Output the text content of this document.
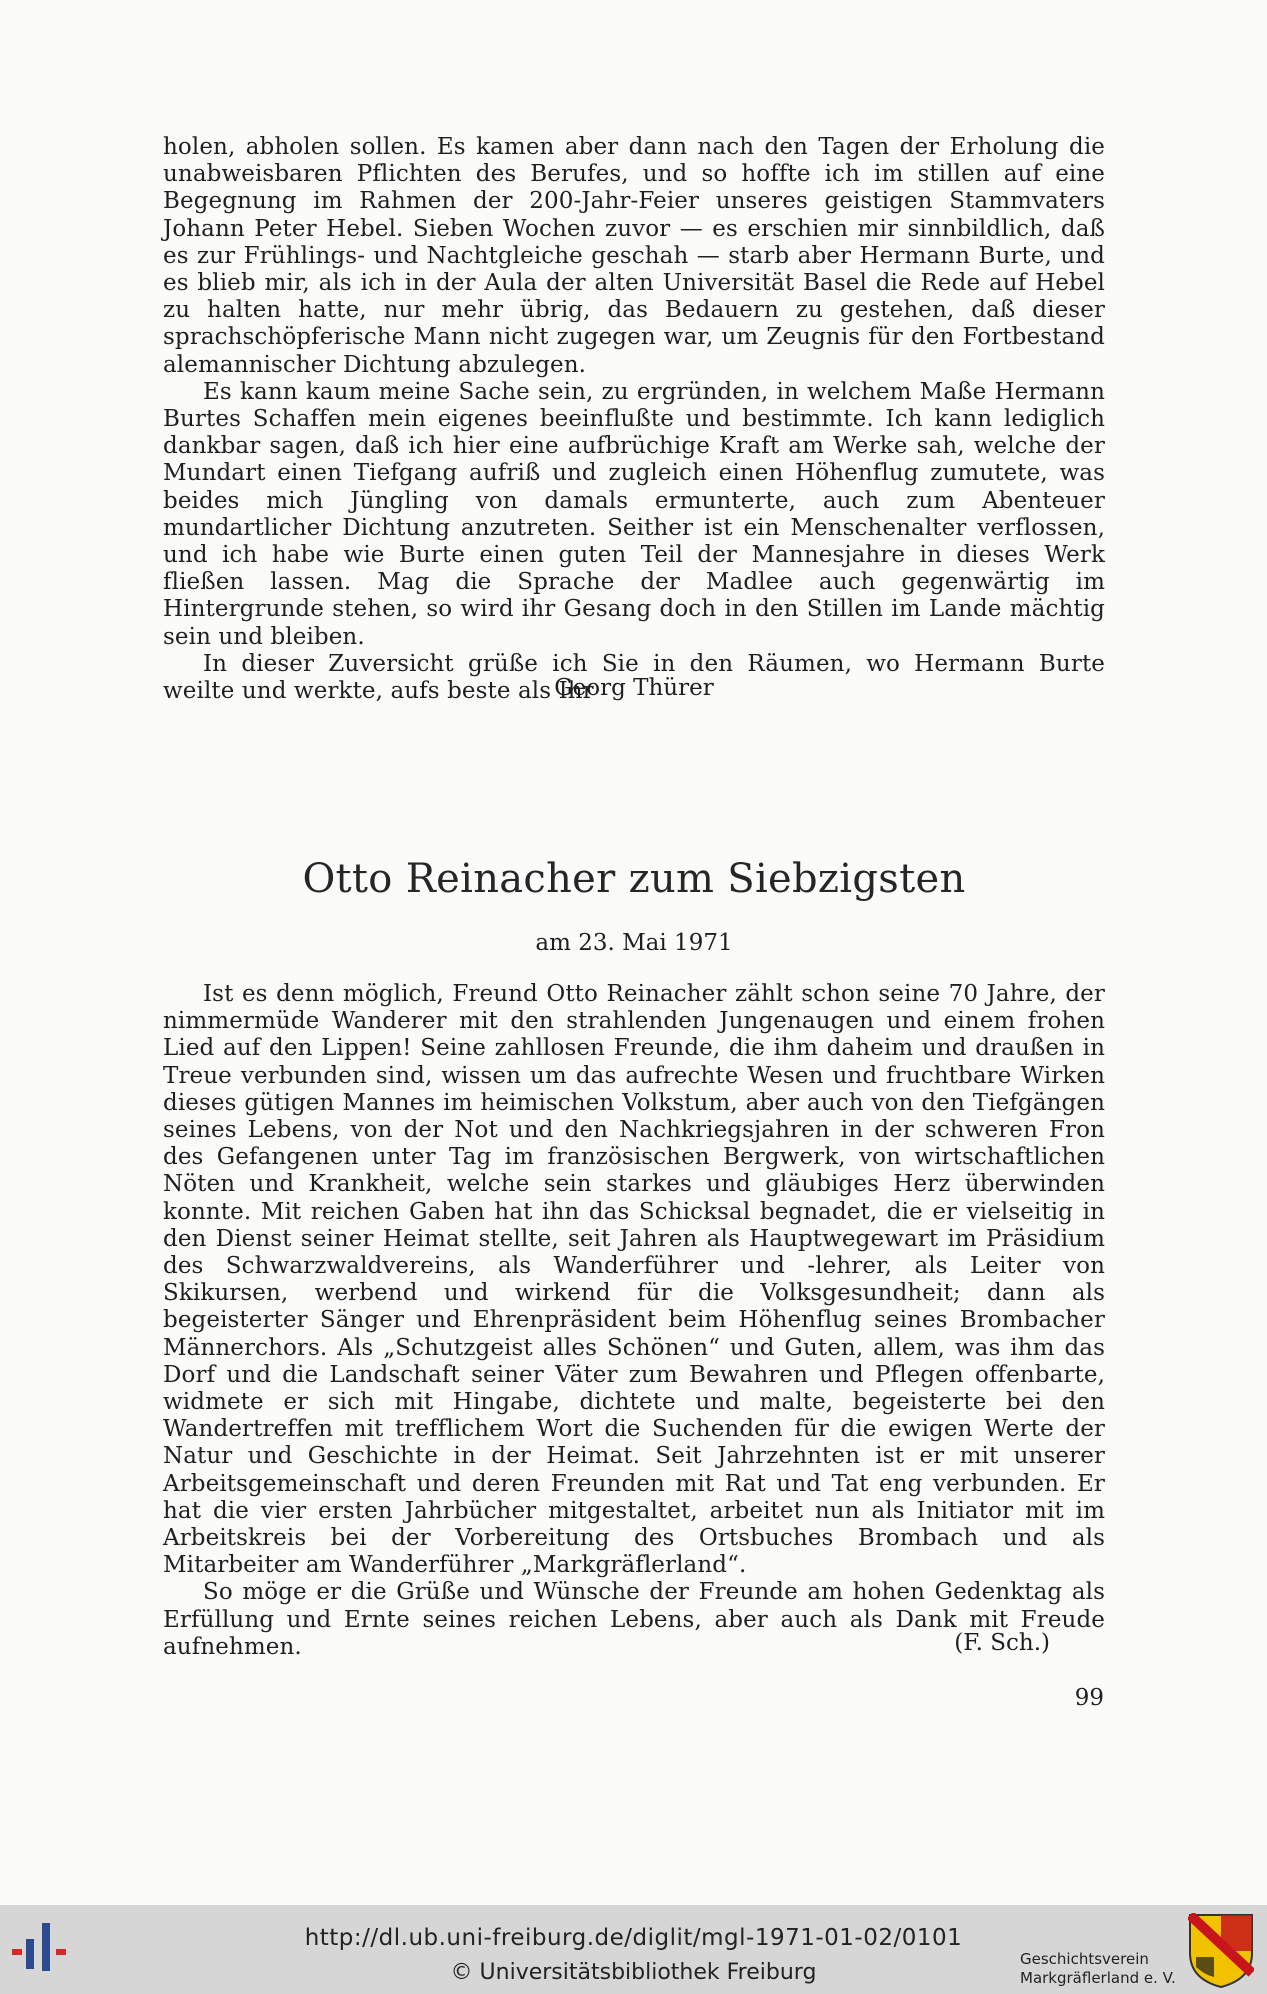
holen, abholen sollen. Es kamen aber dann nach den Tagen der Erholung die unabweisbaren Pflichten des Berufes, und so hoffte ich im stillen auf eine Begegnung im Rahmen der 200-Jahr-Feier unseres geistigen Stammvaters Johann Peter Hebel. Sieben Wochen zuvor — es erschien mir sinnbildlich, daß es zur Frühlings- und Nachtgleiche geschah — starb aber Hermann Burte, und es blieb mir, als ich in der Aula der alten Universität Basel die Rede auf Hebel zu halten hatte, nur mehr übrig, das Bedauern zu gestehen, daß dieser sprachschöpferische Mann nicht zugegen war, um Zeugnis für den Fortbestand alemannischer Dichtung abzulegen.

Es kann kaum meine Sache sein, zu ergründen, in welchem Maße Hermann Burtes Schaffen mein eigenes beeinflußte und bestimmte. Ich kann lediglich dankbar sagen, daß ich hier eine aufbrüchige Kraft am Werke sah, welche der Mundart einen Tiefgang aufriß und zugleich einen Höhenflug zumutete, was beides mich Jüngling von damals ermunterte, auch zum Abenteuer mundartlicher Dichtung anzutreten. Seither ist ein Menschenalter verflossen, und ich habe wie Burte einen guten Teil der Mannesjahre in dieses Werk fließen lassen. Mag die Sprache der Madlee auch gegenwärtig im Hintergrunde stehen, so wird ihr Gesang doch in den Stillen im Lande mächtig sein und bleiben.

In dieser Zuversicht grüße ich Sie in den Räumen, wo Hermann Burte weilte und werkte, aufs beste als Ihr

Georg Thürer
Otto Reinacher zum Siebzigsten
am 23. Mai 1971

Ist es denn möglich, Freund Otto Reinacher zählt schon seine 70 Jahre, der nimmermüde Wanderer mit den strahlenden Jungenaugen und einem frohen Lied auf den Lippen! Seine zahllosen Freunde, die ihm daheim und draußen in Treue verbunden sind, wissen um das aufrechte Wesen und fruchtbare Wirken dieses gütigen Mannes im heimischen Volkstum, aber auch von den Tiefgängen seines Lebens, von der Not und den Nachkriegsjahren in der schweren Fron des Gefangenen unter Tag im französischen Bergwerk, von wirtschaftlichen Nöten und Krankheit, welche sein starkes und gläubiges Herz überwinden konnte. Mit reichen Gaben hat ihn das Schicksal begnadet, die er vielseitig in den Dienst seiner Heimat stellte, seit Jahren als Hauptwegewart im Präsidium des Schwarzwaldvereins, als Wanderführer und -lehrer, als Leiter von Skikursen, werbend und wirkend für die Volksgesundheit; dann als begeisterter Sänger und Ehrenpräsident beim Höhenflug seines Brombacher Männerchors. Als „Schutzgeist alles Schönen“ und Guten, allem, was ihm das Dorf und die Landschaft seiner Väter zum Bewahren und Pflegen offenbarte, widmete er sich mit Hingabe, dichtete und malte, begeisterte bei den Wandertreffen mit trefflichem Wort die Suchenden für die ewigen Werte der Natur und Geschichte in der Heimat. Seit Jahrzehnten ist er mit unserer Arbeitsgemeinschaft und deren Freunden mit Rat und Tat eng verbunden. Er hat die vier ersten Jahrbücher mitgestaltet, arbeitet nun als Initiator mit im Arbeitskreis bei der Vorbereitung des Ortsbuches Brombach und als Mitarbeiter am Wanderführer „Markgräflerland“.

So möge er die Grüße und Wünsche der Freunde am hohen Gedenktag als Erfüllung und Ernte seines reichen Lebens, aber auch als Dank mit Freude aufnehmen.	(F. Sch.)
99
http://dl.ub.uni-freiburg.de/diglit/mgl-1971-01-02/0101
© Universitätsbibliothek Freiburg
Geschichtsverein
Markgräflerland e. V.
